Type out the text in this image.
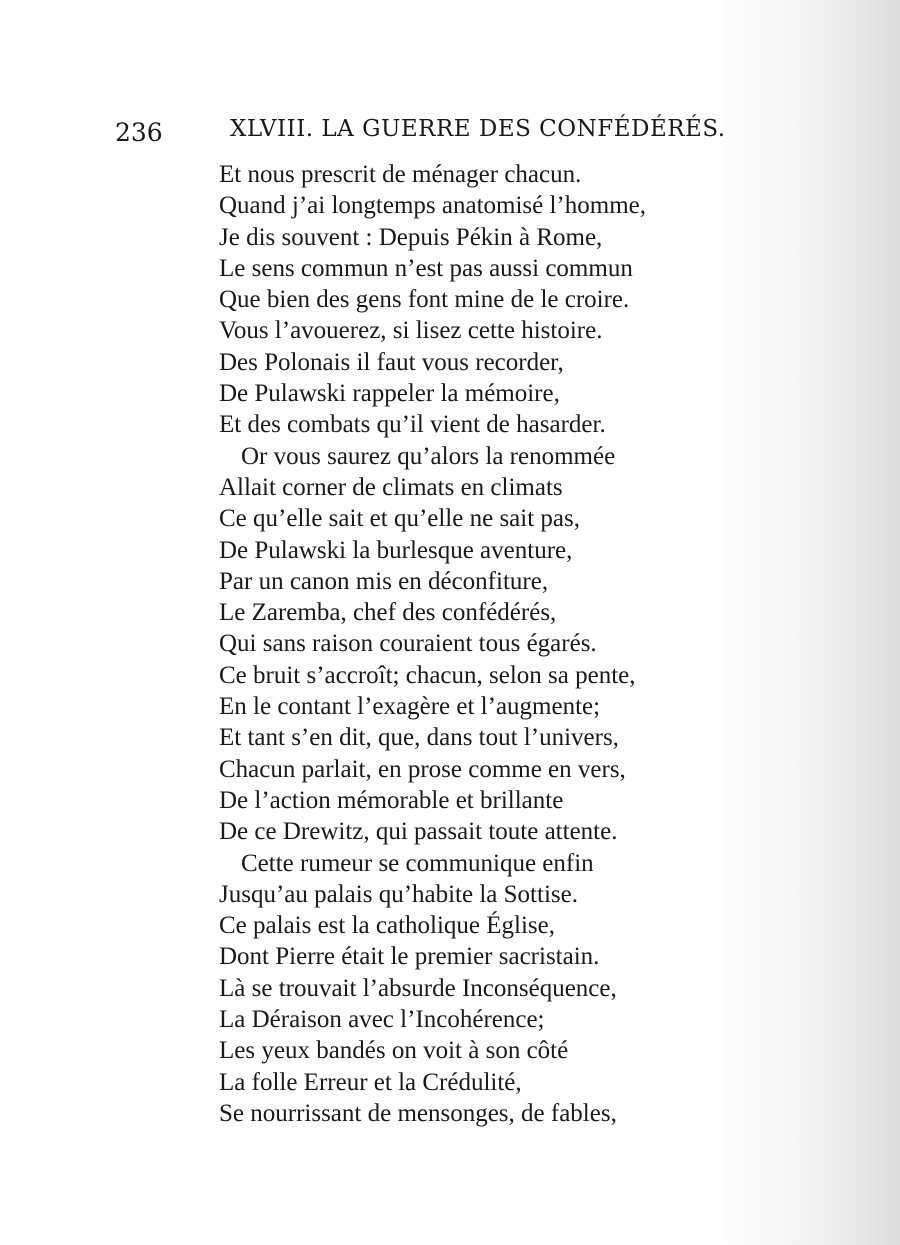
236	XLVIII. LA GUERRE DES CONFÉDÉRÉS.
Et nous prescrit de ménager chacun.
Quand j’ai longtemps anatomisé l’homme,
Je dis souvent : Depuis Pékin à Rome,
Le sens commun n’est pas aussi commun
Que bien des gens font mine de le croire.
Vous l’avouerez, si lisez cette histoire.
Des Polonais il faut vous recorder,
De Pulawski rappeler la mémoire,
Et des combats qu’il vient de hasarder.
Or vous saurez qu’alors la renommée
Allait corner de climats en climats
Ce qu’elle sait et qu’elle ne sait pas,
De Pulawski la burlesque aventure,
Par un canon mis en déconfiture,
Le Zaremba, chef des confédérés,
Qui sans raison couraient tous égarés.
Ce bruit s’accroît; chacun, selon sa pente,
En le contant l’exagère et l’augmente;
Et tant s’en dit, que, dans tout l’univers,
Chacun parlait, en prose comme en vers,
De l’action mémorable et brillante
De ce Drewitz, qui passait toute attente.
Cette rumeur se communique enfin
Jusqu’au palais qu’habite la Sottise.
Ce palais est la catholique Église,
Dont Pierre était le premier sacristain.
Là se trouvait l’absurde Inconséquence,
La Déraison avec l’Incohérence;
Les yeux bandés on voit à son côté
La folle Erreur et la Crédulité,
Se nourrissant de mensonges, de fables,
